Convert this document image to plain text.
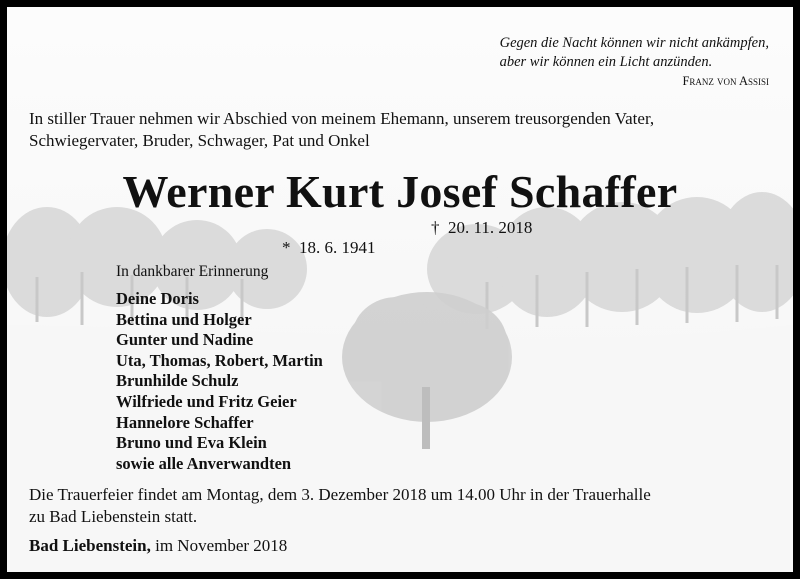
Gegen die Nacht können wir nicht ankämpfen,
aber wir können ein Licht anzünden.
Franz von Assisi
In stiller Trauer nehmen wir Abschied von meinem Ehemann, unserem treusorgenden Vater,
Schwiegervater, Bruder, Schwager, Pat und Onkel
Werner Kurt Josef Schaffer

*  18. 6. 1941

†  20. 11. 2018

In dankbarer Erinnerung
Deine Doris
Bettina und Holger
Gunter und Nadine
Uta, Thomas, Robert, Martin
Brunhilde Schulz
Wilfriede und Fritz Geier
Hannelore Schaffer
Bruno und Eva Klein
sowie alle Anverwandten
Die Trauerfeier findet am Montag, dem 3. Dezember 2018 um 14.00 Uhr in der Trauerhalle
zu Bad Liebenstein statt.
Bad Liebenstein, im November 2018
